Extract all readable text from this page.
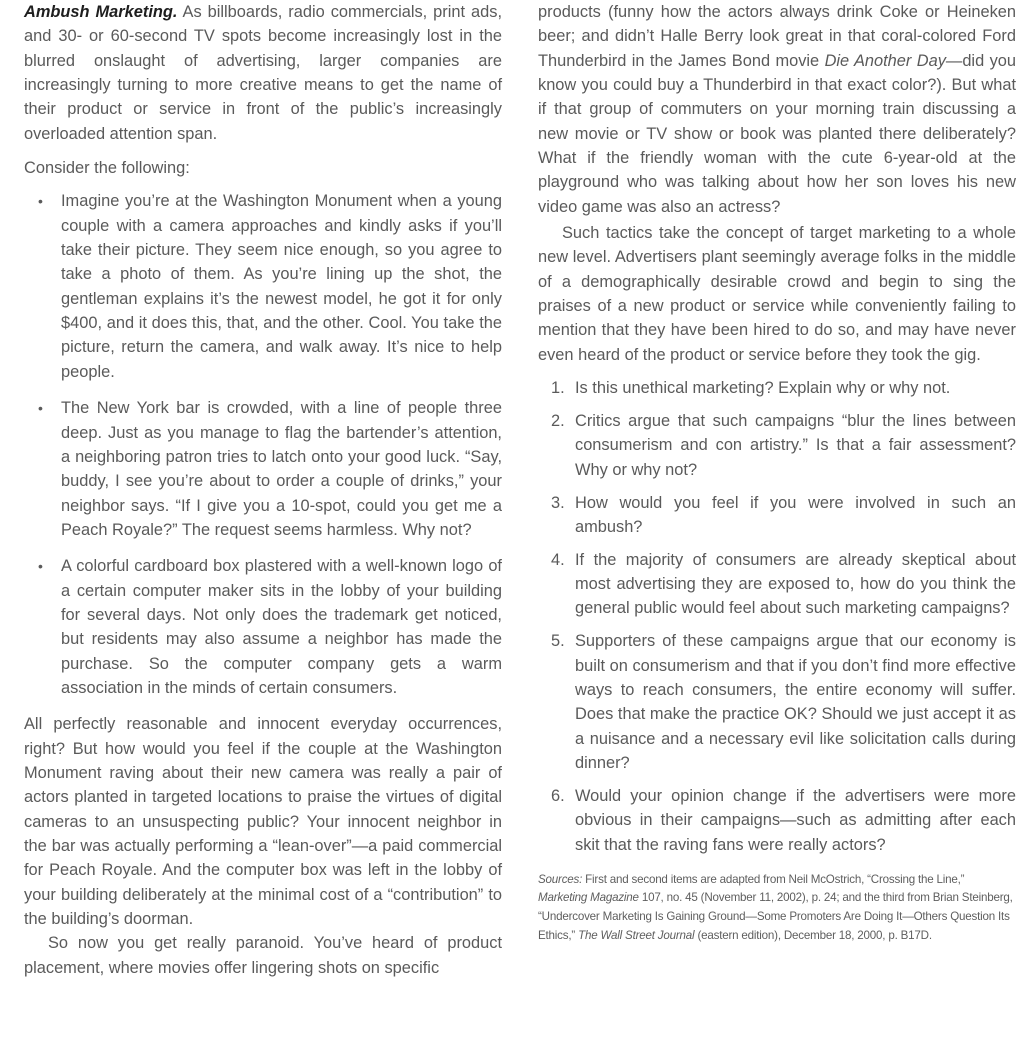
Ambush Marketing. As billboards, radio commercials, print ads, and 30- or 60-second TV spots become increasingly lost in the blurred onslaught of advertising, larger companies are increasingly turning to more creative means to get the name of their product or service in front of the public’s increasingly overloaded attention span.

Consider the following:

• Imagine you’re at the Washington Monument when a young couple with a camera approaches and kindly asks if you’ll take their picture. They seem nice enough, so you agree to take a photo of them. As you’re lining up the shot, the gentleman explains it’s the newest model, he got it for only $400, and it does this, that, and the other. Cool. You take the picture, return the camera, and walk away. It’s nice to help people.
• The New York bar is crowded, with a line of people three deep. Just as you manage to flag the bartender’s attention, a neighboring patron tries to latch onto your good luck. “Say, buddy, I see you’re about to order a couple of drinks,” your neighbor says. “If I give you a 10-spot, could you get me a Peach Royale?” The request seems harmless. Why not?
• A colorful cardboard box plastered with a well-known logo of a certain computer maker sits in the lobby of your building for several days. Not only does the trademark get noticed, but residents may also assume a neighbor has made the purchase. So the computer company gets a warm association in the minds of certain consumers.

All perfectly reasonable and innocent everyday occurrences, right? But how would you feel if the couple at the Washington Monument raving about their new camera was really a pair of actors planted in targeted locations to praise the virtues of digital cameras to an unsuspecting public? Your innocent neighbor in the bar was actually performing a “lean-over”—a paid commercial for Peach Royale. And the computer box was left in the lobby of your building deliberately at the minimal cost of a “contribution” to the building’s doorman.

So now you get really paranoid. You’ve heard of product placement, where movies offer lingering shots on specific

products (funny how the actors always drink Coke or Heineken beer; and didn’t Halle Berry look great in that coral-colored Ford Thunderbird in the James Bond movie Die Another Day—did you know you could buy a Thunderbird in that exact color?). But what if that group of commuters on your morning train discussing a new movie or TV show or book was planted there deliberately? What if the friendly woman with the cute 6-year-old at the playground who was talking about how her son loves his new video game was also an actress?

Such tactics take the concept of target marketing to a whole new level. Advertisers plant seemingly average folks in the middle of a demographically desirable crowd and begin to sing the praises of a new product or service while conveniently failing to mention that they have been hired to do so, and may have never even heard of the product or service before they took the gig.

1. Is this unethical marketing? Explain why or why not.
2. Critics argue that such campaigns “blur the lines between consumerism and con artistry.” Is that a fair assessment? Why or why not?
3. How would you feel if you were involved in such an ambush?
4. If the majority of consumers are already skeptical about most advertising they are exposed to, how do you think the general public would feel about such marketing campaigns?
5. Supporters of these campaigns argue that our economy is built on consumerism and that if you don’t find more effective ways to reach consumers, the entire economy will suffer. Does that make the practice OK? Should we just accept it as a nuisance and a necessary evil like solicitation calls during dinner?
6. Would your opinion change if the advertisers were more obvious in their campaigns—such as admitting after each skit that the raving fans were really actors?

Sources: First and second items are adapted from Neil McOstrich, “Crossing the Line,” Marketing Magazine 107, no. 45 (November 11, 2002), p. 24; and the third from Brian Steinberg, “Undercover Marketing Is Gaining Ground—Some Promoters Are Doing It—Others Question Its Ethics,” The Wall Street Journal (eastern edition), December 18, 2000, p. B17D.
